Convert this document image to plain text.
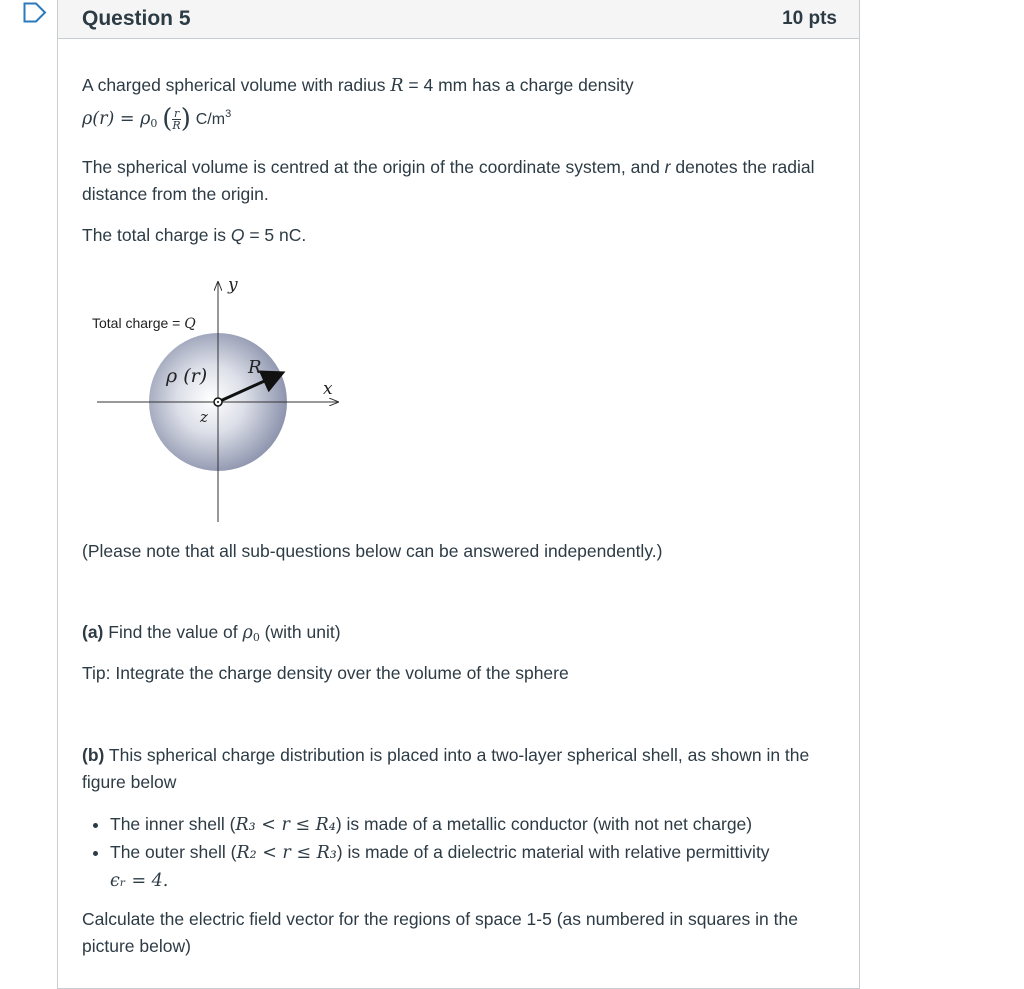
Question 5	10 pts

A charged spherical volume with radius R = 4 mm has a charge density

$\rho(r) = \rho_0$ ( $\frac{r}{R}$ ) $C/m^3$

The spherical volume is centred at the origin of the coordinate system, and r denotes the radial distance from the origin.

The total charge is Q = 5 nC.

Total charge = Q
ρ (r) R
x
y
z

(Please note that all sub-questions below can be answered independently.)

(a) Find the value of $\rho_0$ (with unit)

Tip: Integrate the charge density over the volume of the sphere

(b) This spherical charge distribution is placed into a two-layer spherical shell, as shown in the figure below

• The inner shell (R₃ < r ≤ R₄) is made of a metallic conductor (with not net charge)
• The outer shell (R₂ < r ≤ R₃) is made of a dielectric material with relative permittivity
ϵᵣ = 4.

Calculate the electric field vector for the regions of space 1-5 (as numbered in squares in the picture below)
